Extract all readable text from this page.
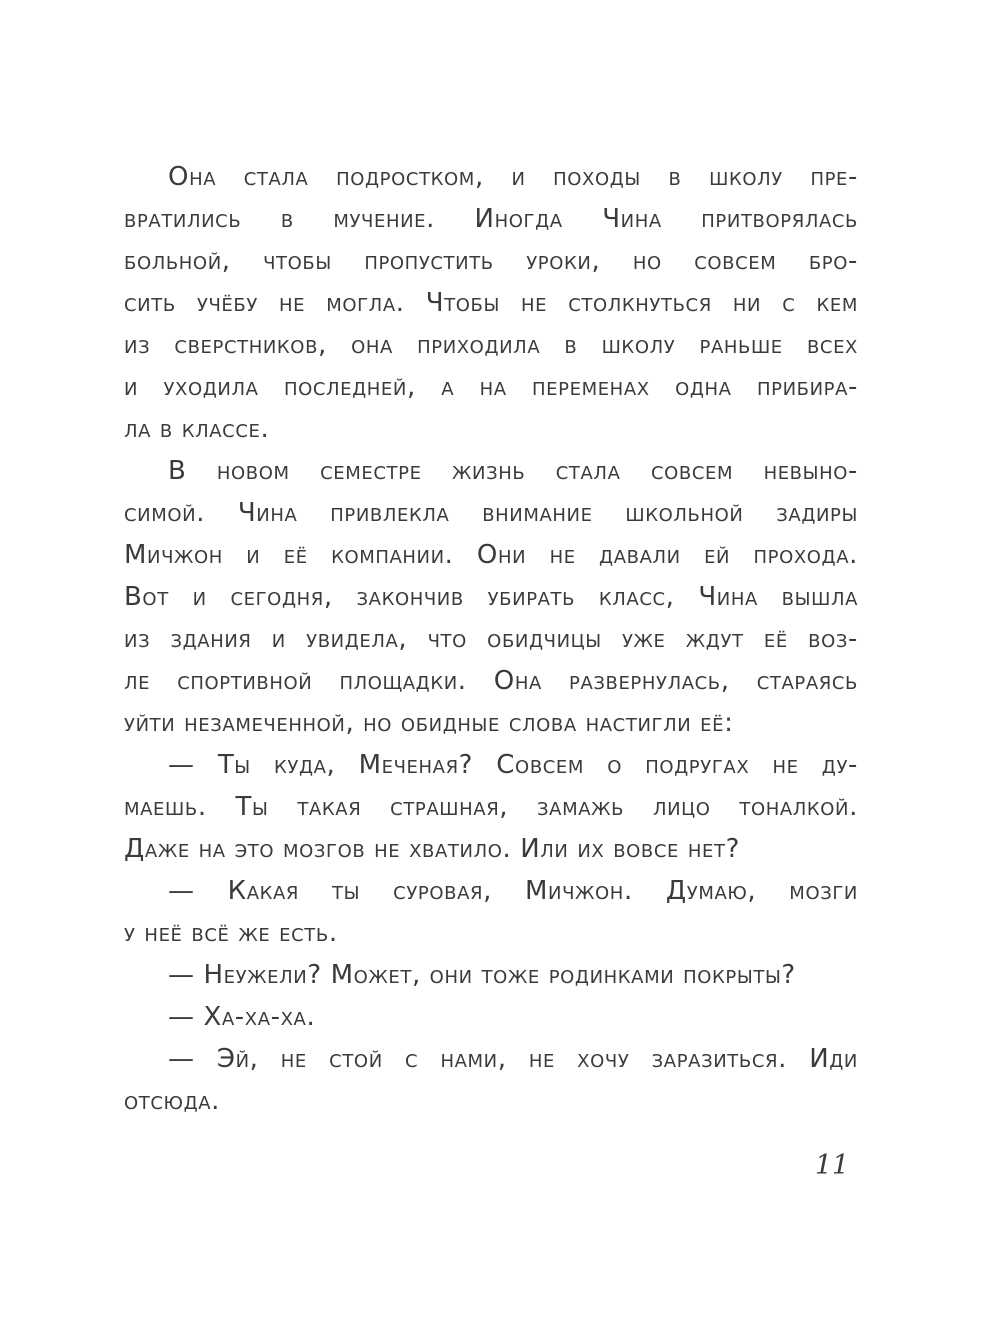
Она стала подростком, и походы в школу пре-
вратились в мучение. Иногда Чина притворялась
больной, чтобы пропустить уроки, но совсем бро-
сить учёбу не могла. Чтобы не столкнуться ни с кем
из сверстников, она приходила в школу раньше всех
и уходила последней, а на переменах одна прибира-
ла в классе.
В новом семестре жизнь стала совсем невыно-
симой. Чина привлекла внимание школьной задиры
Мичжон и её компании. Они не давали ей прохода.
Вот и сегодня, закончив убирать класс, Чина вышла
из здания и увидела, что обидчицы уже ждут её воз-
ле спортивной площадки. Она развернулась, стараясь
уйти незамеченной, но обидные слова настигли её:
— Ты куда, Меченая? Совсем о подругах не ду-
маешь. Ты такая страшная, замажь лицо тоналкой.
Даже на это мозгов не хватило. Или их вовсе нет?
— Какая ты суровая, Мичжон. Думаю, мозги
у неё всё же есть.
— Неужели? Может, они тоже родинками покрыты?
— Ха-ха-ха.
— Эй, не стой с нами, не хочу заразиться. Иди
отсюда.
11
